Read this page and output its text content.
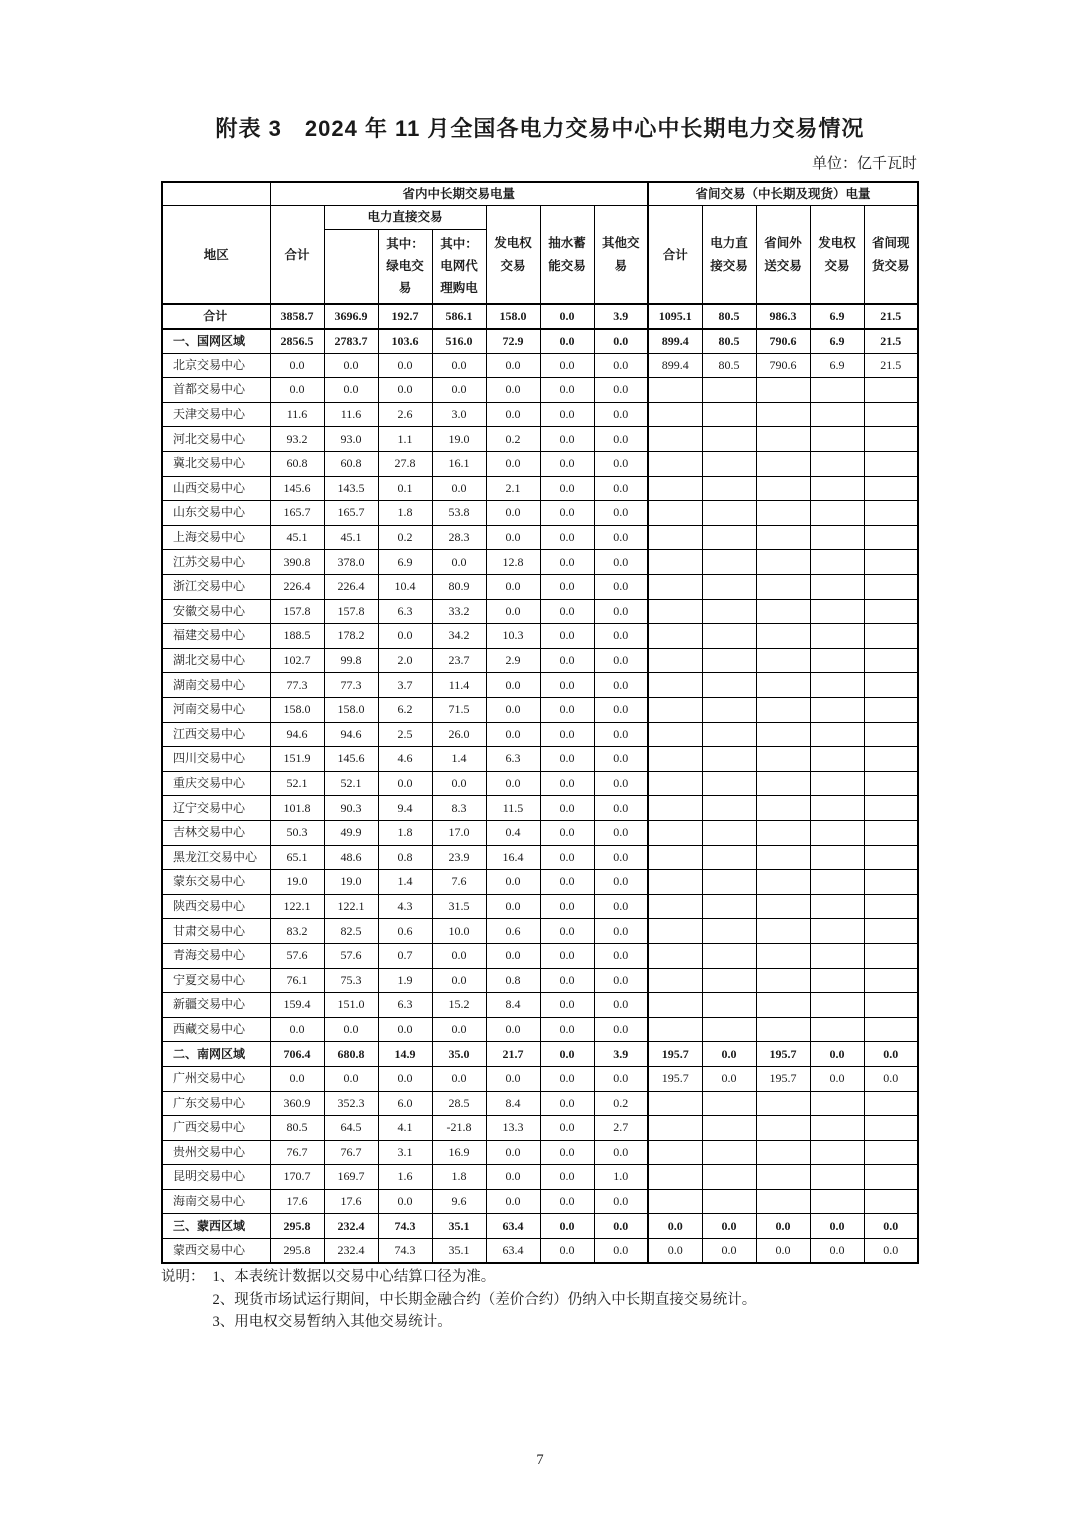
附表 3　2024 年 11 月全国各电力交易中心中长期电力交易情况
单位：亿千瓦时
	省内中长期交易电量							省间交易（中长期及现货）电量				
地区	合计	电力直接交易			发电权交易	抽水蓄能交易	其他交易	合计	电力直接交易	省间外送交易	发电权交易	省间现货交易
			其中：绿电交易	其中：电网代理购电								
合计	3858.7	3696.9	192.7	586.1	158.0	0.0	3.9	1095.1	80.5	986.3	6.9	21.5
一、国网区域	2856.5	2783.7	103.6	516.0	72.9	0.0	0.0	899.4	80.5	790.6	6.9	21.5
北京交易中心	0.0	0.0	0.0	0.0	0.0	0.0	0.0	899.4	80.5	790.6	6.9	21.5
首都交易中心	0.0	0.0	0.0	0.0	0.0	0.0	0.0					
天津交易中心	11.6	11.6	2.6	3.0	0.0	0.0	0.0					
河北交易中心	93.2	93.0	1.1	19.0	0.2	0.0	0.0					
冀北交易中心	60.8	60.8	27.8	16.1	0.0	0.0	0.0					
山西交易中心	145.6	143.5	0.1	0.0	2.1	0.0	0.0					
山东交易中心	165.7	165.7	1.8	53.8	0.0	0.0	0.0					
上海交易中心	45.1	45.1	0.2	28.3	0.0	0.0	0.0					
江苏交易中心	390.8	378.0	6.9	0.0	12.8	0.0	0.0					
浙江交易中心	226.4	226.4	10.4	80.9	0.0	0.0	0.0					
安徽交易中心	157.8	157.8	6.3	33.2	0.0	0.0	0.0					
福建交易中心	188.5	178.2	0.0	34.2	10.3	0.0	0.0					
湖北交易中心	102.7	99.8	2.0	23.7	2.9	0.0	0.0					
湖南交易中心	77.3	77.3	3.7	11.4	0.0	0.0	0.0					
河南交易中心	158.0	158.0	6.2	71.5	0.0	0.0	0.0					
江西交易中心	94.6	94.6	2.5	26.0	0.0	0.0	0.0					
四川交易中心	151.9	145.6	4.6	1.4	6.3	0.0	0.0					
重庆交易中心	52.1	52.1	0.0	0.0	0.0	0.0	0.0					
辽宁交易中心	101.8	90.3	9.4	8.3	11.5	0.0	0.0					
吉林交易中心	50.3	49.9	1.8	17.0	0.4	0.0	0.0					
黑龙江交易中心	65.1	48.6	0.8	23.9	16.4	0.0	0.0					
蒙东交易中心	19.0	19.0	1.4	7.6	0.0	0.0	0.0					
陕西交易中心	122.1	122.1	4.3	31.5	0.0	0.0	0.0					
甘肃交易中心	83.2	82.5	0.6	10.0	0.6	0.0	0.0					
青海交易中心	57.6	57.6	0.7	0.0	0.0	0.0	0.0					
宁夏交易中心	76.1	75.3	1.9	0.0	0.8	0.0	0.0					
新疆交易中心	159.4	151.0	6.3	15.2	8.4	0.0	0.0					
西藏交易中心	0.0	0.0	0.0	0.0	0.0	0.0	0.0					
二、南网区域	706.4	680.8	14.9	35.0	21.7	0.0	3.9	195.7	0.0	195.7	0.0	0.0
广州交易中心	0.0	0.0	0.0	0.0	0.0	0.0	0.0	195.7	0.0	195.7	0.0	0.0
广东交易中心	360.9	352.3	6.0	28.5	8.4	0.0	0.2					
广西交易中心	80.5	64.5	4.1	-21.8	13.3	0.0	2.7					
贵州交易中心	76.7	76.7	3.1	16.9	0.0	0.0	0.0					
昆明交易中心	170.7	169.7	1.6	1.8	0.0	0.0	1.0					
海南交易中心	17.6	17.6	0.0	9.6	0.0	0.0	0.0					
三、蒙西区域	295.8	232.4	74.3	35.1	63.4	0.0	0.0	0.0	0.0	0.0	0.0	0.0
蒙西交易中心	295.8	232.4	74.3	35.1	63.4	0.0	0.0	0.0	0.0	0.0	0.0	0.0
说明： 1、本表统计数据以交易中心结算口径为准。
2、现货市场试运行期间，中长期金融合约（差价合约）仍纳入中长期直接交易统计。
3、用电权交易暂纳入其他交易统计。
7
